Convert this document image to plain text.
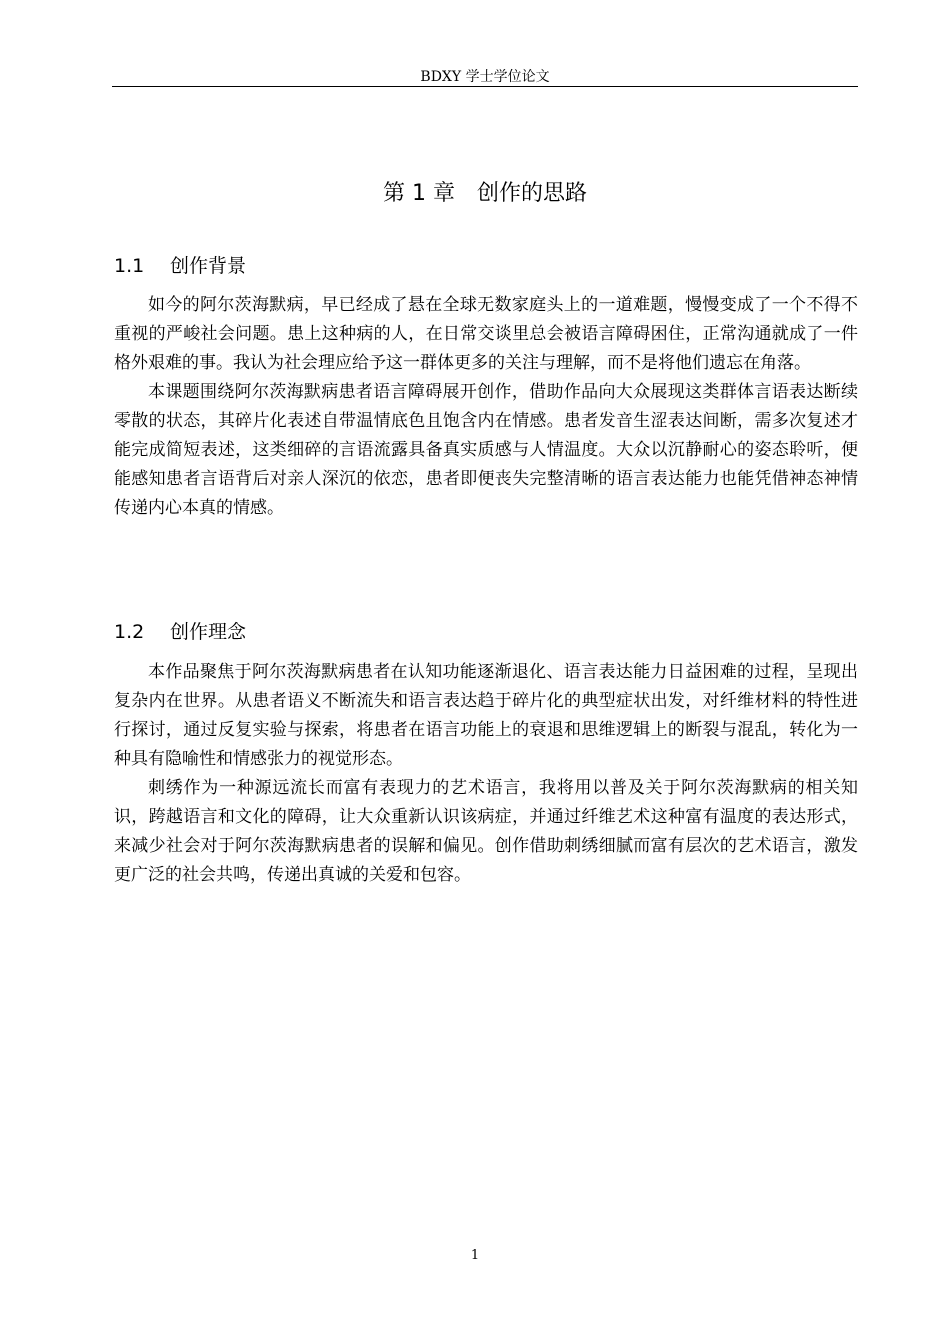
BDXY 学士学位论文
第 1 章 创作的思路
1.1 创作背景

如今的阿尔茨海默病，早已经成了悬在全球无数家庭头上的一道难题，慢慢变成了一个不得不重视的严峻社会问题。患上这种病的人，在日常交谈里总会被语言障碍困住，正常沟通就成了一件格外艰难的事。我认为社会理应给予这一群体更多的关注与理解，而不是将他们遗忘在角落。

本课题围绕阿尔茨海默病患者语言障碍展开创作，借助作品向大众展现这类群体言语表达断续零散的状态，其碎片化表述自带温情底色且饱含内在情感。患者发音生涩表达间断，需多次复述才能完成简短表述，这类细碎的言语流露具备真实质感与人情温度。大众以沉静耐心的姿态聆听，便能感知患者言语背后对亲人深沉的依恋，患者即便丧失完整清晰的语言表达能力也能凭借神态神情传递内心本真的情感。

1.2 创作理念

本作品聚焦于阿尔茨海默病患者在认知功能逐渐退化、语言表达能力日益困难的过程，呈现出复杂内在世界。从患者语义不断流失和语言表达趋于碎片化的典型症状出发，对纤维材料的特性进行探讨，通过反复实验与探索，将患者在语言功能上的衰退和思维逻辑上的断裂与混乱，转化为一种具有隐喻性和情感张力的视觉形态。

刺绣作为一种源远流长而富有表现力的艺术语言，我将用以普及关于阿尔茨海默病的相关知识，跨越语言和文化的障碍，让大众重新认识该病症，并通过纤维艺术这种富有温度的表达形式，来减少社会对于阿尔茨海默病患者的误解和偏见。创作借助刺绣细腻而富有层次的艺术语言，激发更广泛的社会共鸣，传递出真诚的关爱和包容。

1
